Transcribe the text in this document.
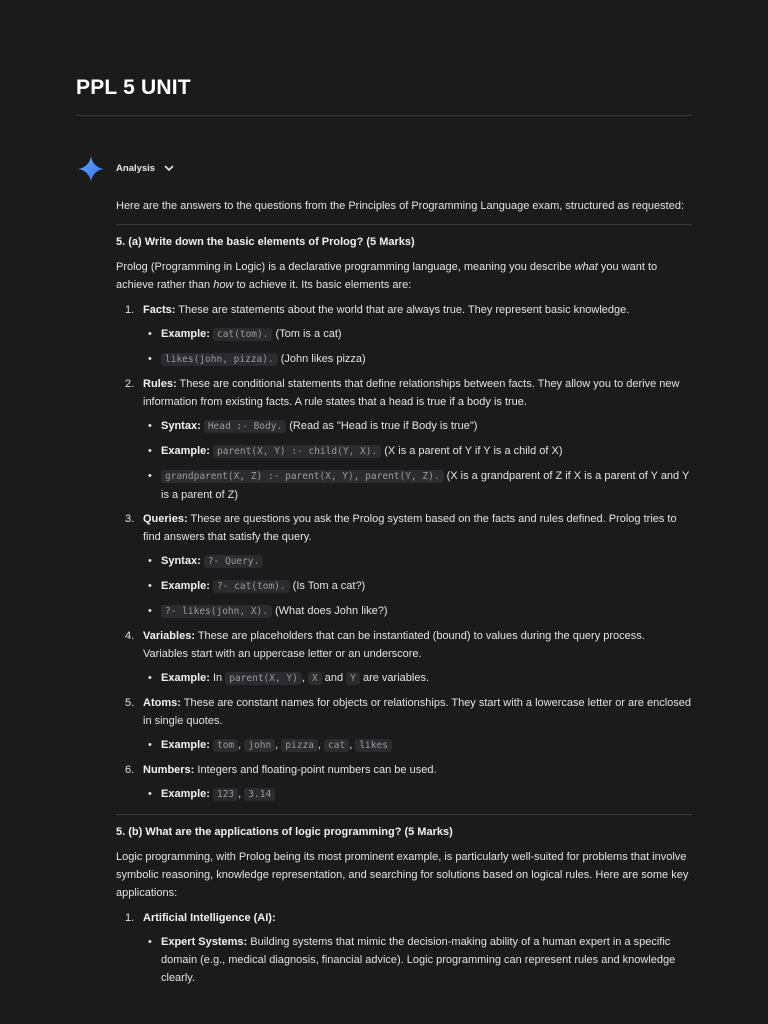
PPL 5 UNIT
Analysis

Here are the answers to the questions from the Principles of Programming Language exam, structured as requested:

5. (a) Write down the basic elements of Prolog? (5 Marks)

Prolog (Programming in Logic) is a declarative programming language, meaning you describe what you want to achieve rather than how to achieve it. Its basic elements are:

1. Facts: These are statements about the world that are always true. They represent basic knowledge.
• Example: cat(tom). (Tom is a cat)
• likes(john, pizza). (John likes pizza)
2. Rules: These are conditional statements that define relationships between facts. They allow you to derive new information from existing facts. A rule states that a head is true if a body is true.
• Syntax: Head :- Body. (Read as "Head is true if Body is true")
• Example: parent(X, Y) :- child(Y, X). (X is a parent of Y if Y is a child of X)
• grandparent(X, Z) :- parent(X, Y), parent(Y, Z). (X is a grandparent of Z if X is a parent of Y and Y is a parent of Z)
3. Queries: These are questions you ask the Prolog system based on the facts and rules defined. Prolog tries to find answers that satisfy the query.
• Syntax: ?- Query.
• Example: ?- cat(tom). (Is Tom a cat?)
• ?- likes(john, X). (What does John like?)
4. Variables: These are placeholders that can be instantiated (bound) to values during the query process. Variables start with an uppercase letter or an underscore.
• Example: In parent(X, Y) , X and Y are variables.
5. Atoms: These are constant names for objects or relationships. They start with a lowercase letter or are enclosed in single quotes.
• Example: tom , john , pizza , cat , likes
6. Numbers: Integers and floating-point numbers can be used.
• Example: 123 , 3.14

5. (b) What are the applications of logic programming? (5 Marks)

Logic programming, with Prolog being its most prominent example, is particularly well-suited for problems that involve symbolic reasoning, knowledge representation, and searching for solutions based on logical rules. Here are some key applications:

1. Artificial Intelligence (AI):
• Expert Systems: Building systems that mimic the decision-making ability of a human expert in a specific domain (e.g., medical diagnosis, financial advice). Logic programming can represent rules and knowledge clearly.
